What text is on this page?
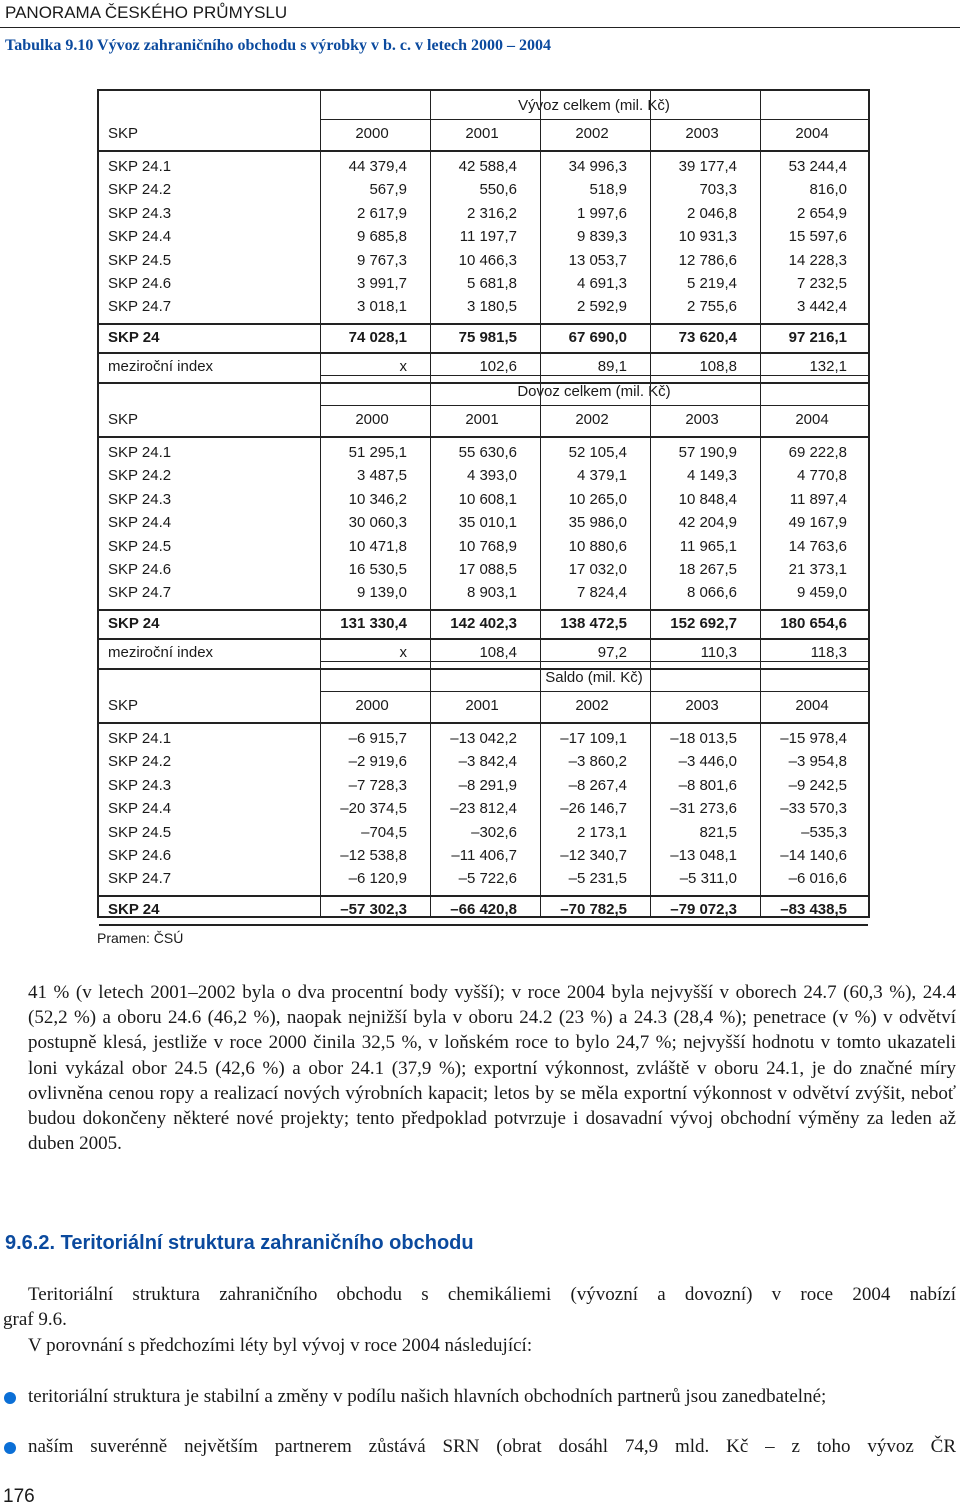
PANORAMA ČESKÉHO PRŮMYSLU
Tabulka 9.10 Vývoz zahraničního obchodu s výrobky v b. c. v letech 2000 – 2004
Vývoz celkem (mil. Kč)
SKP	2000	2001	2002	2003	2004
SKP 24.1	44 379,4	42 588,4	34 996,3	39 177,4	53 244,4
SKP 24.2	567,9	550,6	518,9	703,3	816,0
SKP 24.3	2 617,9	2 316,2	1 997,6	2 046,8	2 654,9
SKP 24.4	9 685,8	11 197,7	9 839,3	10 931,3	15 597,6
SKP 24.5	9 767,3	10 466,3	13 053,7	12 786,6	14 228,3
SKP 24.6	3 991,7	5 681,8	4 691,3	5 219,4	7 232,5
SKP 24.7	3 018,1	3 180,5	2 592,9	2 755,6	3 442,4
SKP 24	74 028,1	75 981,5	67 690,0	73 620,4	97 216,1
meziroční index	x	102,6	89,1	108,8	132,1
Dovoz celkem (mil. Kč)
SKP	2000	2001	2002	2003	2004
SKP 24.1	51 295,1	55 630,6	52 105,4	57 190,9	69 222,8
SKP 24.2	3 487,5	4 393,0	4 379,1	4 149,3	4 770,8
SKP 24.3	10 346,2	10 608,1	10 265,0	10 848,4	11 897,4
SKP 24.4	30 060,3	35 010,1	35 986,0	42 204,9	49 167,9
SKP 24.5	10 471,8	10 768,9	10 880,6	11 965,1	14 763,6
SKP 24.6	16 530,5	17 088,5	17 032,0	18 267,5	21 373,1
SKP 24.7	9 139,0	8 903,1	7 824,4	8 066,6	9 459,0
SKP 24	131 330,4	142 402,3	138 472,5	152 692,7	180 654,6
meziroční index	x	108,4	97,2	110,3	118,3
Saldo (mil. Kč)
SKP	2000	2001	2002	2003	2004
SKP 24.1	–6 915,7	–13 042,2	–17 109,1	–18 013,5	–15 978,4
SKP 24.2	–2 919,6	–3 842,4	–3 860,2	–3 446,0	–3 954,8
SKP 24.3	–7 728,3	–8 291,9	–8 267,4	–8 801,6	–9 242,5
SKP 24.4	–20 374,5	–23 812,4	–26 146,7	–31 273,6	–33 570,3
SKP 24.5	–704,5	–302,6	2 173,1	821,5	–535,3
SKP 24.6	–12 538,8	–11 406,7	–12 340,7	–13 048,1	–14 140,6
SKP 24.7	–6 120,9	–5 722,6	–5 231,5	–5 311,0	–6 016,6
SKP 24	–57 302,3	–66 420,8	–70 782,5	–79 072,3	–83 438,5
Pramen: ČSÚ
41 % (v letech 2001–2002 byla o dva procentní body vyšší); v roce 2004 byla nejvyšší v oborech 24.7 (60,3 %), 24.4 (52,2 %) a oboru 24.6 (46,2 %), naopak nejnižší byla v oboru 24.2 (23 %) a 24.3 (28,4 %); penetrace (v %) v odvětví postupně klesá, jestliže v roce 2000 činila 32,5 %, v loňském roce to bylo 24,7 %; nejvyšší hodnotu v tomto ukazateli loni vykázal obor 24.5 (42,6 %) a obor 24.1 (37,9 %); exportní výkonnost, zvláště v oboru 24.1, je do značné míry ovlivněna cenou ropy a realizací nových výrobních kapacit; letos by se měla exportní výkonnost v odvětví zvýšit, neboť budou dokončeny některé nové projekty; tento předpoklad potvrzuje i dosavadní vývoj obchodní výměny za leden až duben 2005.
9.6.2. Teritoriální struktura zahraničního obchodu
Teritoriální struktura zahraničního obchodu s chemikáliemi (vývozní a dovozní) v roce 2004 nabízí
graf 9.6.
V porovnání s předchozími léty byl vývoj v roce 2004 následující:
teritoriální struktura je stabilní a změny v podílu našich hlavních obchodních partnerů jsou zanedbatelné;
naším suverénně největším partnerem zůstává SRN (obrat dosáhl 74,9 mld. Kč – z toho vývoz ČR
176
